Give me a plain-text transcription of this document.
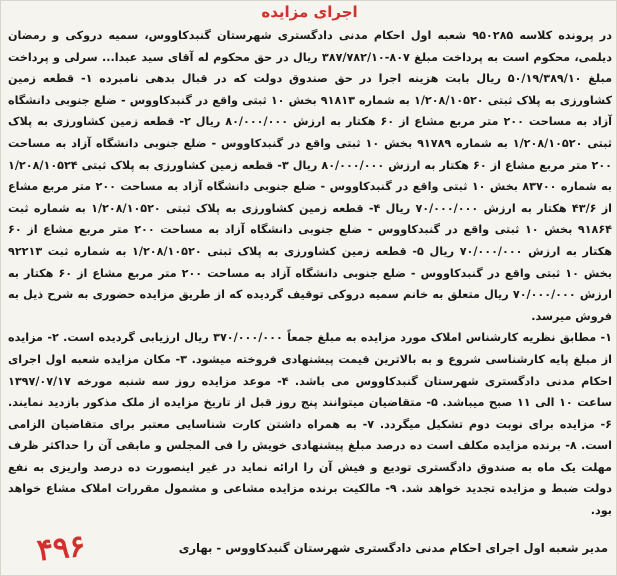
اجرای مزایده

در پرونده کلاسه ۹۵۰۲۸۵ شعبه اول احکام مدنی دادگستری شهرستان گنبدکاووس، سمیه دروکی و رمضان دیلمی، محکوم است به پرداخت مبلغ ۸۰۷-۳۸۷/۷۸۲/۱۰ ریال در حق محکوم له آقای سید عبدا... سرلی و پرداخت مبلغ ۵۰/۱۹/۳۸۹/۱۰ ریال بابت هزینه اجرا در حق صندوق دولت که در قبال بدهی نامبرده ۱- قطعه زمین کشاورزی به پلاک ثبتی ۱/۲۰۸/۱۰۵۲۰ به شماره ۹۱۸۱۳ بخش ۱۰ ثبتی واقع در گنبدکاووس - ضلع جنوبی دانشگاه آزاد به مساحت ۲۰۰ متر مربع مشاع از ۶۰ هکتار به ارزش ۸۰/۰۰۰/۰۰۰ ریال ۲- قطعه زمین کشاورزی به پلاک ثبتی ۱/۲۰۸/۱۰۵۲۰ به شماره ۹۱۷۸۹ بخش ۱۰ ثبتی واقع در گنبدکاووس - ضلع جنوبی دانشگاه آزاد به مساحت ۲۰۰ متر مربع مشاع از ۶۰ هکتار به ارزش ۸۰/۰۰۰/۰۰۰ ریال ۳- قطعه زمین کشاورزی به پلاک ثبتی ۱/۲۰۸/۱۰۵۲۴ به شماره ۸۳۷۰۰ بخش ۱۰ ثبتی واقع در گنبدکاووس - ضلع جنوبی دانشگاه آزاد به مساحت ۲۰۰ متر مربع مشاع از ۴۳/۶ هکتار به ارزش ۷۰/۰۰۰/۰۰۰ ریال ۴- قطعه زمین کشاورزی به پلاک ثبتی ۱/۲۰۸/۱۰۵۲۰ به شماره ثبت ۹۱۸۶۴ بخش ۱۰ ثبتی واقع در گنبدکاووس - ضلع جنوبی دانشگاه آزاد به مساحت ۲۰۰ متر مربع مشاع از ۶۰ هکتار به ارزش ۷۰/۰۰۰/۰۰۰ ریال ۵- قطعه زمین کشاورزی به پلاک ثبتی ۱/۲۰۸/۱۰۵۲۰ به شماره ثبت ۹۲۲۱۳ بخش ۱۰ ثبتی واقع در گنبدکاووس - ضلع جنوبی دانشگاه آزاد به مساحت ۲۰۰ متر مربع مشاع از ۶۰ هکتار به ارزش ۷۰/۰۰۰/۰۰۰ ریال متعلق به خانم سمیه دروکی توقیف گردیده که از طریق مزایده حضوری به شرح ذیل به فروش میرسد.

۱- مطابق نظریه کارشناس املاک مورد مزایده به مبلغ جمعاً ۳۷۰/۰۰۰/۰۰۰ ریال ارزیابی گردیده است. ۲- مزایده از مبلغ پایه کارشناسی شروع و به بالاترین قیمت پیشنهادی فروخته میشود. ۳- مکان مزایده شعبه اول اجرای احکام مدنی دادگستری شهرستان گنبدکاووس می باشد. ۴- موعد مزایده روز سه شنبه مورخه ۱۳۹۷/۰۷/۱۷ ساعت ۱۰ الی ۱۱ صبح میباشد. ۵- متقاضیان میتوانند پنج روز قبل از تاریخ مزایده از ملک مذکور بازدید نمایند. ۶- مزایده برای نوبت دوم تشکیل میگردد. ۷- به همراه داشتن کارت شناسایی معتبر برای متقاضیان الزامی است. ۸- برنده مزایده مکلف است ده درصد مبلغ پیشنهادی خویش را فی المجلس و مابقی آن را حداکثر ظرف مهلت یک ماه به صندوق دادگستری تودیع و فیش آن را ارائه نماید در غیر اینصورت ده درصد واریزی به نفع دولت ضبط و مزایده تجدید خواهد شد. ۹- مالکیت برنده مزایده مشاعی و مشمول مقررات املاک مشاع خواهد بود.

مدیر شعبه اول اجرای احکام مدنی دادگستری شهرستان گنبدکاووس - بهاری
۴۹۶
